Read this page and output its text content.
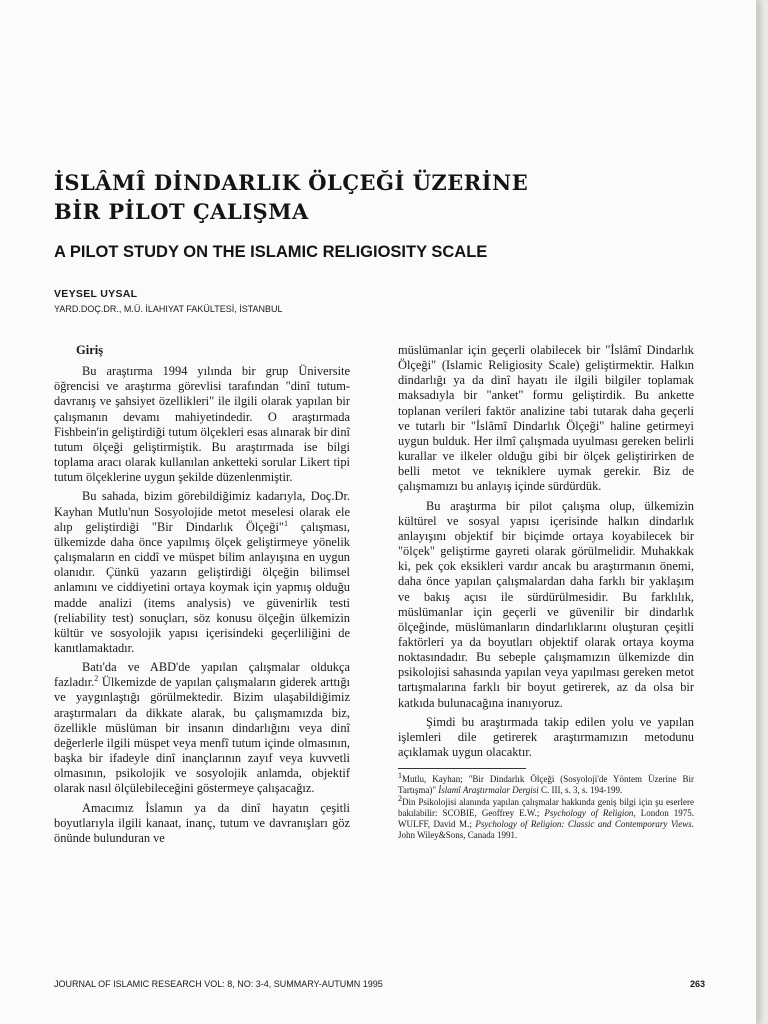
İSLÂMÎ DİNDARLIK ÖLÇEĞİ ÜZERİNE
BİR PİLOT ÇALIŞMA
A PILOT STUDY ON THE ISLAMIC RELIGIOSITY SCALE
VEYSEL UYSAL
YARD.DOÇ.DR., M.Ü. İLAHIYAT FAKÜLTESİ, İSTANBUL
Giriş

Bu araştırma 1994 yılında bir grup Üniversite öğrencisi ve araştırma görevlisi tarafından "dinî tutum-davranış ve şahsiyet özellikleri" ile ilgili olarak yapılan bir çalışmanın devamı mahiyetindedir. O araştırmada Fishbein'in geliştirdiği tutum ölçekleri esas alınarak bir dinî tutum ölçeği geliştirmiştik. Bu araştırmada ise bilgi toplama aracı olarak kullanılan anketteki sorular Likert tipi tutum ölçeklerine uygun şekilde düzenlenmiştir.

Bu sahada, bizim görebildiğimiz kadarıyla, Doç.Dr. Kayhan Mutlu'nun Sosyolojide metot meselesi olarak ele alıp geliştirdiği "Bir Dindarlık Ölçeği"$^1$ çalışması, ülkemizde daha önce yapılmış ölçek geliştirmeye yönelik çalışmaların en ciddî ve müspet bilim anlayışına en uygun olanıdır. Çünkü yazarın geliştirdiği ölçeğin bilimsel anlamını ve ciddiyetini ortaya koymak için yapmış olduğu madde analizi (items analysis) ve güvenirlik testi (reliability test) sonuçları, söz konusu ölçeğin ülkemizin kültür ve sosyolojik yapısı içerisindeki geçerliliğini de kanıtlamaktadır.

Batı'da ve ABD'de yapılan çalışmalar oldukça fazladır.$^2$ Ülkemizde de yapılan çalışmaların giderek arttığı ve yaygınlaştığı görülmektedir. Bizim ulaşabildiğimiz araştırmaları da dikkate alarak, bu çalışmamızda biz, özellikle müslüman bir insanın dindarlığını veya dinî değerlerle ilgili müspet veya menfî tutum içinde olmasının, başka bir ifadeyle dinî inançlarının zayıf veya kuvvetli olmasının, psikolojik ve sosyolojik anlamda, objektif olarak nasıl ölçülebileceğini göstermeye çalışacağız.

Amacımız İslamın ya da dinî hayatın çeşitli boyutlarıyla ilgili kanaat, inanç, tutum ve davranışları göz önünde bulunduran ve

müslümanlar için geçerli olabilecek bir "İslâmî Dindarlık Ölçeği" (Islamic Religiosity Scale) geliştirmektir. Halkın dindarlığı ya da dinî hayatı ile ilgili bilgiler toplamak maksadıyla bir "anket" formu geliştirdik. Bu ankette toplanan verileri faktör analizine tabi tutarak daha geçerli ve tutarlı bir "İslâmî Dindarlık Ölçeği" haline getirmeyi uygun bulduk. Her ilmî çalışmada uyulması gereken belirli kurallar ve ilkeler olduğu gibi bir ölçek geliştirirken de belli metot ve tekniklere uymak gerekir. Biz de çalışmamızı bu anlayış içinde sürdürdük.

Bu araştırma bir pilot çalışma olup, ülkemizin kültürel ve sosyal yapısı içerisinde halkın dindarlık anlayışını objektif bir biçimde ortaya koyabilecek bir "ölçek" geliştirme gayreti olarak görülmelidir. Muhakkak ki, pek çok eksikleri vardır ancak bu araştırmanın önemi, daha önce yapılan çalışmalardan daha farklı bir yaklaşım ve bakış açısı ile sürdürülmesidir. Bu farklılık, müslümanlar için geçerli ve güvenilir bir dindarlık ölçeğinde, müslümanların dindarlıklarını oluşturan çeşitli faktörleri ya da boyutları objektif olarak ortaya koyma noktasındadır. Bu sebeple çalışmamızın ülkemizde din psikolojisi sahasında yapılan veya yapılması gereken metot tartışmalarına farklı bir boyut getirerek, az da olsa bir katkıda bulunacağına inanıyoruz.

Şimdi bu araştırmada takip edilen yolu ve yapılan işlemleri dile getirerek araştırmamızın metodunu açıklamak uygun olacaktır.

$^1$Mutlu, Kayhan; "Bir Dindarlık Ölçeği (Sosyoloji'de Yöntem Üzerine Bir Tartışma)" İslamî Araştırmalar Dergisi C. III, s. 3, s. 194-199.

$^2$Din Psikolojisi alanında yapılan çalışmalar hakkında geniş bilgi için şu eserlere bakılabilir: SCOBIE, Geoffrey E.W.; Psychology of Religion, London 1975. WULFF, David M.; Psychology of Religion: Classic and Contemporary Views. John Wiley&Sons, Canada 1991.

JOURNAL OF ISLAMIC RESEARCH VOL: 8, NO: 3-4, SUMMARY-AUTUMN 1995	263
